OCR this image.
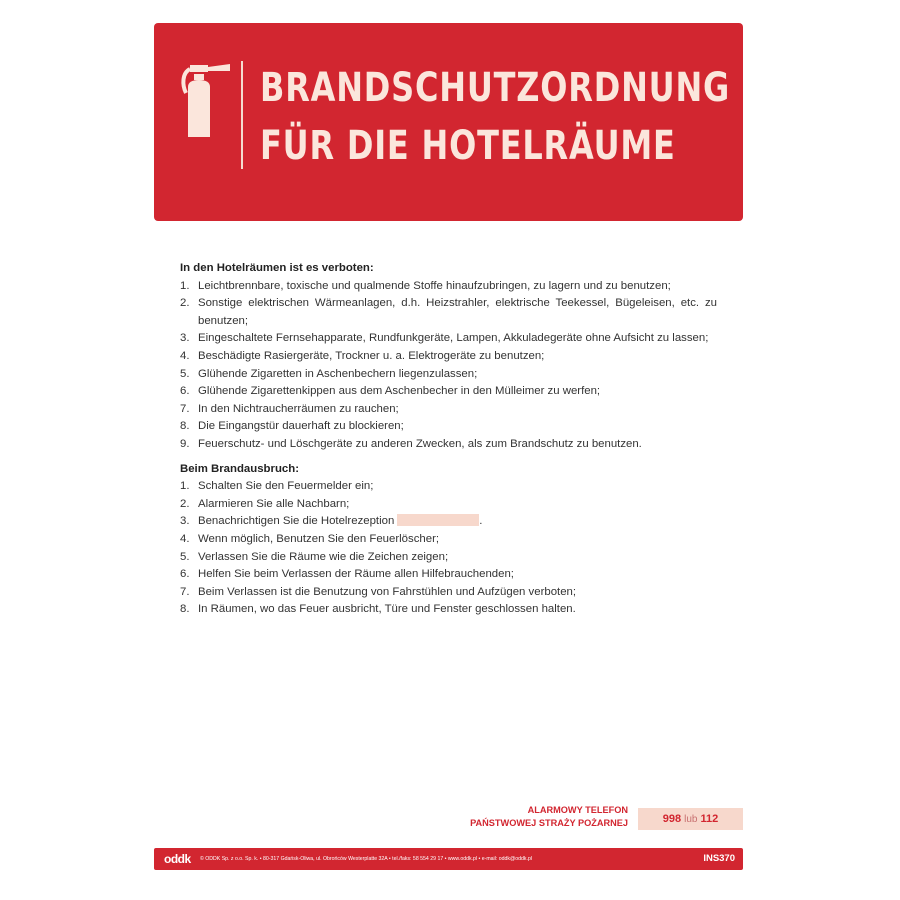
BRANDSCHUTZORDNUNG
FÜR DIE HOTELRÄUME

In den Hotelräumen ist es verboten:

1. Leichtbrennbare, toxische und qualmende Stoffe hinaufzubringen, zu lagern und zu benutzen;
2. Sonstige elektrischen Wärmeanlagen, d.h. Heizstrahler, elektrische Teekessel, Bügeleisen, etc. zu benutzen;
3. Eingeschaltete Fernsehapparate, Rundfunkgeräte, Lampen, Akkuladegeräte ohne Aufsicht zu lassen;
4. Beschädigte Rasiergeräte, Trockner u. a. Elektrogeräte zu benutzen;
5. Glühende Zigaretten in Aschenbechern liegenzulassen;
6. Glühende Zigarettenkippen aus dem Aschenbecher in den Mülleimer zu werfen;
7. In den Nichtraucherräumen zu rauchen;
8. Die Eingangstür dauerhaft zu blockieren;
9. Feuerschutz- und Löschgeräte zu anderen Zwecken, als zum Brandschutz zu benutzen.

Beim Brandausbruch:

1. Schalten Sie den Feuermelder ein;
2. Alarmieren Sie alle Nachbarn;
3. Benachrichtigen Sie die Hotelrezeption	.
4. Wenn möglich, Benutzen Sie den Feuerlöscher;
5. Verlassen Sie die Räume wie die Zeichen zeigen;
6. Helfen Sie beim Verlassen der Räume allen Hilfebrauchenden;
7. Beim Verlassen ist die Benutzung von Fahrstühlen und Aufzügen verboten;
8. In Räumen, wo das Feuer ausbricht, Türe und Fenster geschlossen halten.
ALARMOWY TELEFON
PAŃSTWOWEJ STRAŻY POŻARNEJ	998 lub 112
oddk © ODDK Sp. z o.o. Sp. k. • 80-317 Gdańsk-Oliwa, ul. Obrońców Westerplatte 32A • tel./faks: 58 554 29 17 • www.oddk.pl • e-mail: oddk@oddk.pl	INS370
